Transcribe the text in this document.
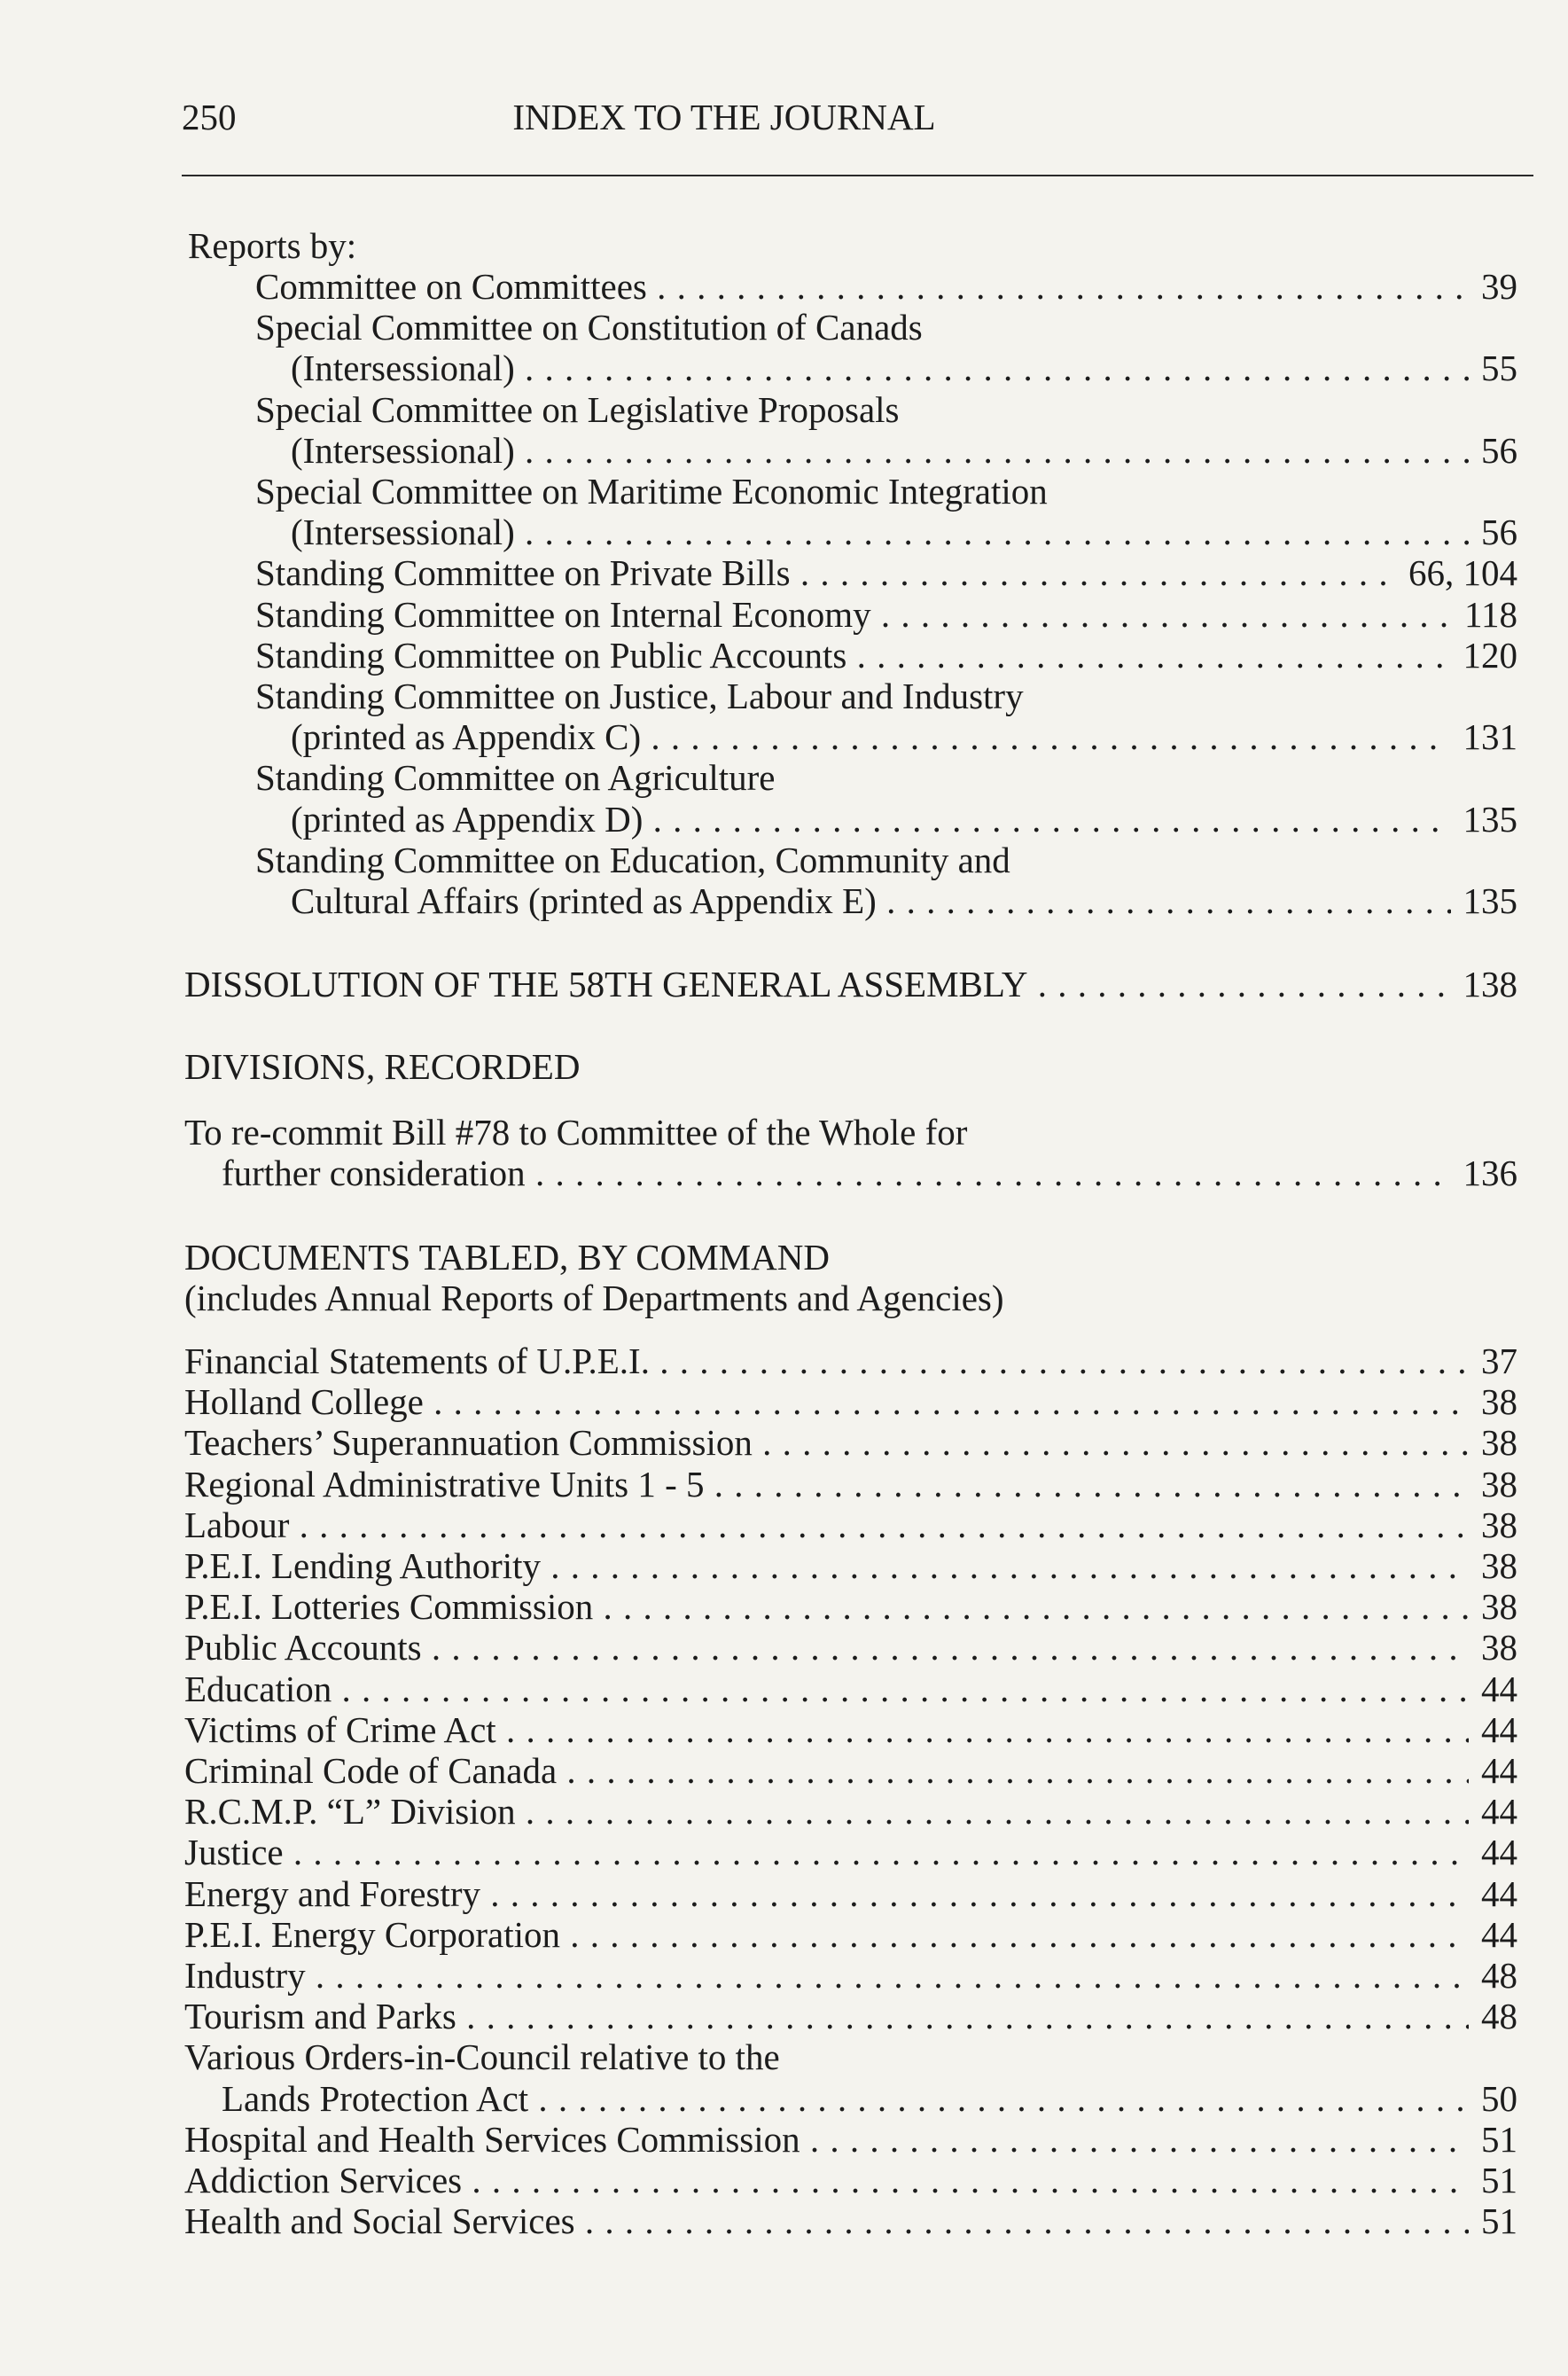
250	INDEX TO THE JOURNAL
Reports by:
Committee on Committees . . .	39
Special Committee on Constitution of Canads
(Intersessional) . . .	55
Special Committee on Legislative Proposals
(Intersessional) . . .	56
Special Committee on Maritime Economic Integration
(Intersessional) . . .	56
Standing Committee on Private Bills . . .	66, 104
Standing Committee on Internal Economy . . .	118
Standing Committee on Public Accounts . . .	120
Standing Committee on Justice, Labour and Industry
(printed as Appendix C) . . .	131
Standing Committee on Agriculture
(printed as Appendix D) . . .	135
Standing Committee on Education, Community and
Cultural Affairs (printed as Appendix E) . . .	135
DISSOLUTION OF THE 58TH GENERAL ASSEMBLY . . .	138
DIVISIONS, RECORDED
To re-commit Bill #78 to Committee of the Whole for
further consideration . . .	136
DOCUMENTS TABLED, BY COMMAND
(includes Annual Reports of Departments and Agencies)
Financial Statements of U.P.E.I. . . .	37
Holland College . . .	38
Teachers’ Superannuation Commission . . .	38
Regional Administrative Units 1 - 5 . . .	38
Labour . . .	38
P.E.I. Lending Authority . . .	38
P.E.I. Lotteries Commission . . .	38
Public Accounts . . .	38
Education . . .	44
Victims of Crime Act . . .	44
Criminal Code of Canada . . .	44
R.C.M.P. “L” Division . . .	44
Justice . . .	44
Energy and Forestry . . .	44
P.E.I. Energy Corporation . . .	44
Industry . . .	48
Tourism and Parks . . .	48
Various Orders-in-Council relative to the
Lands Protection Act . . .	50
Hospital and Health Services Commission . . .	51
Addiction Services . . .	51
Health and Social Services . . .	51
